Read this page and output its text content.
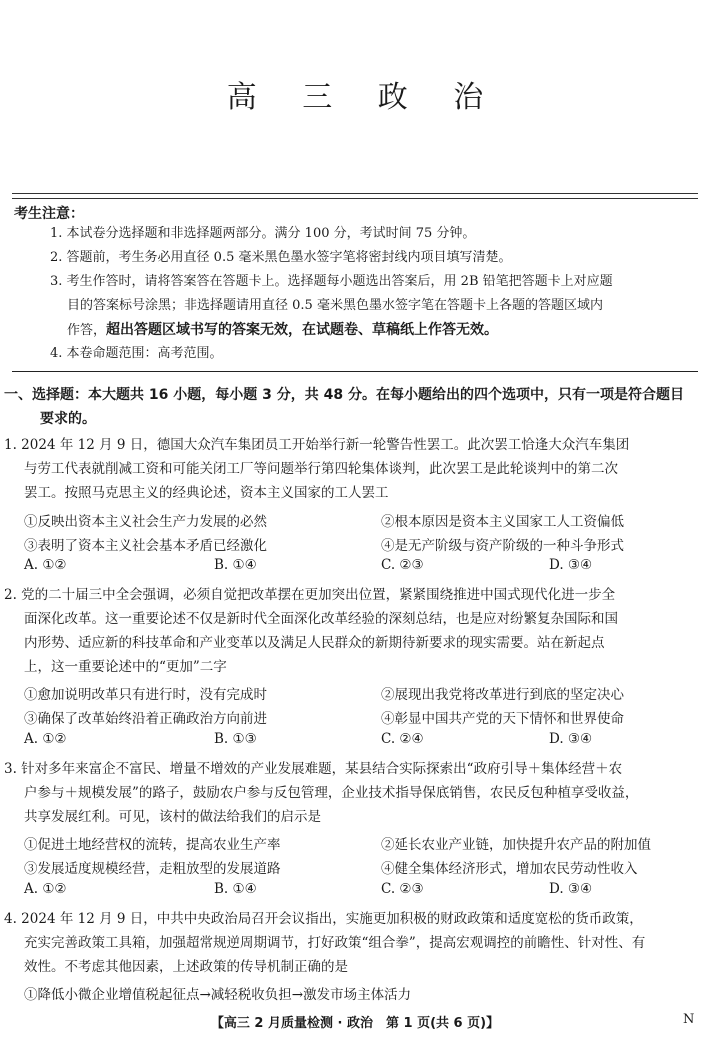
高 三 政 治
考生注意：
1. 本试卷分选择题和非选择题两部分。满分 100 分，考试时间 75 分钟。
2. 答题前，考生务必用直径 0.5 毫米黑色墨水签字笔将密封线内项目填写清楚。
3. 考生作答时，请将答案答在答题卡上。选择题每小题选出答案后，用 2B 铅笔把答题卡上对应题
目的答案标号涂黑；非选择题请用直径 0.5 毫米黑色墨水签字笔在答题卡上各题的答题区域内
作答，超出答题区域书写的答案无效，在试题卷、草稿纸上作答无效。
4. 本卷命题范围：高考范围。
一、选择题：本大题共 16 小题，每小题 3 分，共 48 分。在每小题给出的四个选项中，只有一项是符合题目
要求的。
1. 2024 年 12 月 9 日，德国大众汽车集团员工开始举行新一轮警告性罢工。此次罢工恰逢大众汽车集团
与劳工代表就削减工资和可能关闭工厂等问题举行第四轮集体谈判，此次罢工是此轮谈判中的第二次
罢工。按照马克思主义的经典论述，资本主义国家的工人罢工
①反映出资本主义社会生产力发展的必然	②根本原因是资本主义国家工人工资偏低
③表明了资本主义社会基本矛盾已经激化	④是无产阶级与资产阶级的一种斗争形式
A. ①②	B. ①④	C. ②③	D. ③④
2. 党的二十届三中全会强调，必须自觉把改革摆在更加突出位置，紧紧围绕推进中国式现代化进一步全
面深化改革。这一重要论述不仅是新时代全面深化改革经验的深刻总结，也是应对纷繁复杂国际和国
内形势、适应新的科技革命和产业变革以及满足人民群众的新期待新要求的现实需要。站在新起点
上，这一重要论述中的“更加”二字
①愈加说明改革只有进行时，没有完成时	②展现出我党将改革进行到底的坚定决心
③确保了改革始终沿着正确政治方向前进	④彰显中国共产党的天下情怀和世界使命
A. ①②	B. ①③	C. ②④	D. ③④
3. 针对多年来富企不富民、增量不增效的产业发展难题，某县结合实际探索出“政府引导＋集体经营＋农
户参与＋规模发展”的路子，鼓励农户参与反包管理，企业技术指导保底销售，农民反包种植享受收益，
共享发展红利。可见，该村的做法给我们的启示是
①促进土地经营权的流转，提高农业生产率	②延长农业产业链，加快提升农产品的附加值
③发展适度规模经营，走粗放型的发展道路	④健全集体经济形式，增加农民劳动性收入
A. ①②	B. ①④	C. ②③	D. ③④
4. 2024 年 12 月 9 日，中共中央政治局召开会议指出，实施更加积极的财政政策和适度宽松的货币政策，
充实完善政策工具箱，加强超常规逆周期调节，打好政策“组合拳”，提高宏观调控的前瞻性、针对性、有
效性。不考虑其他因素，上述政策的传导机制正确的是
①降低小微企业增值税起征点→减轻税收负担→激发市场主体活力
【高三 2 月质量检测 · 政治　第 1 页(共 6 页)】	N
